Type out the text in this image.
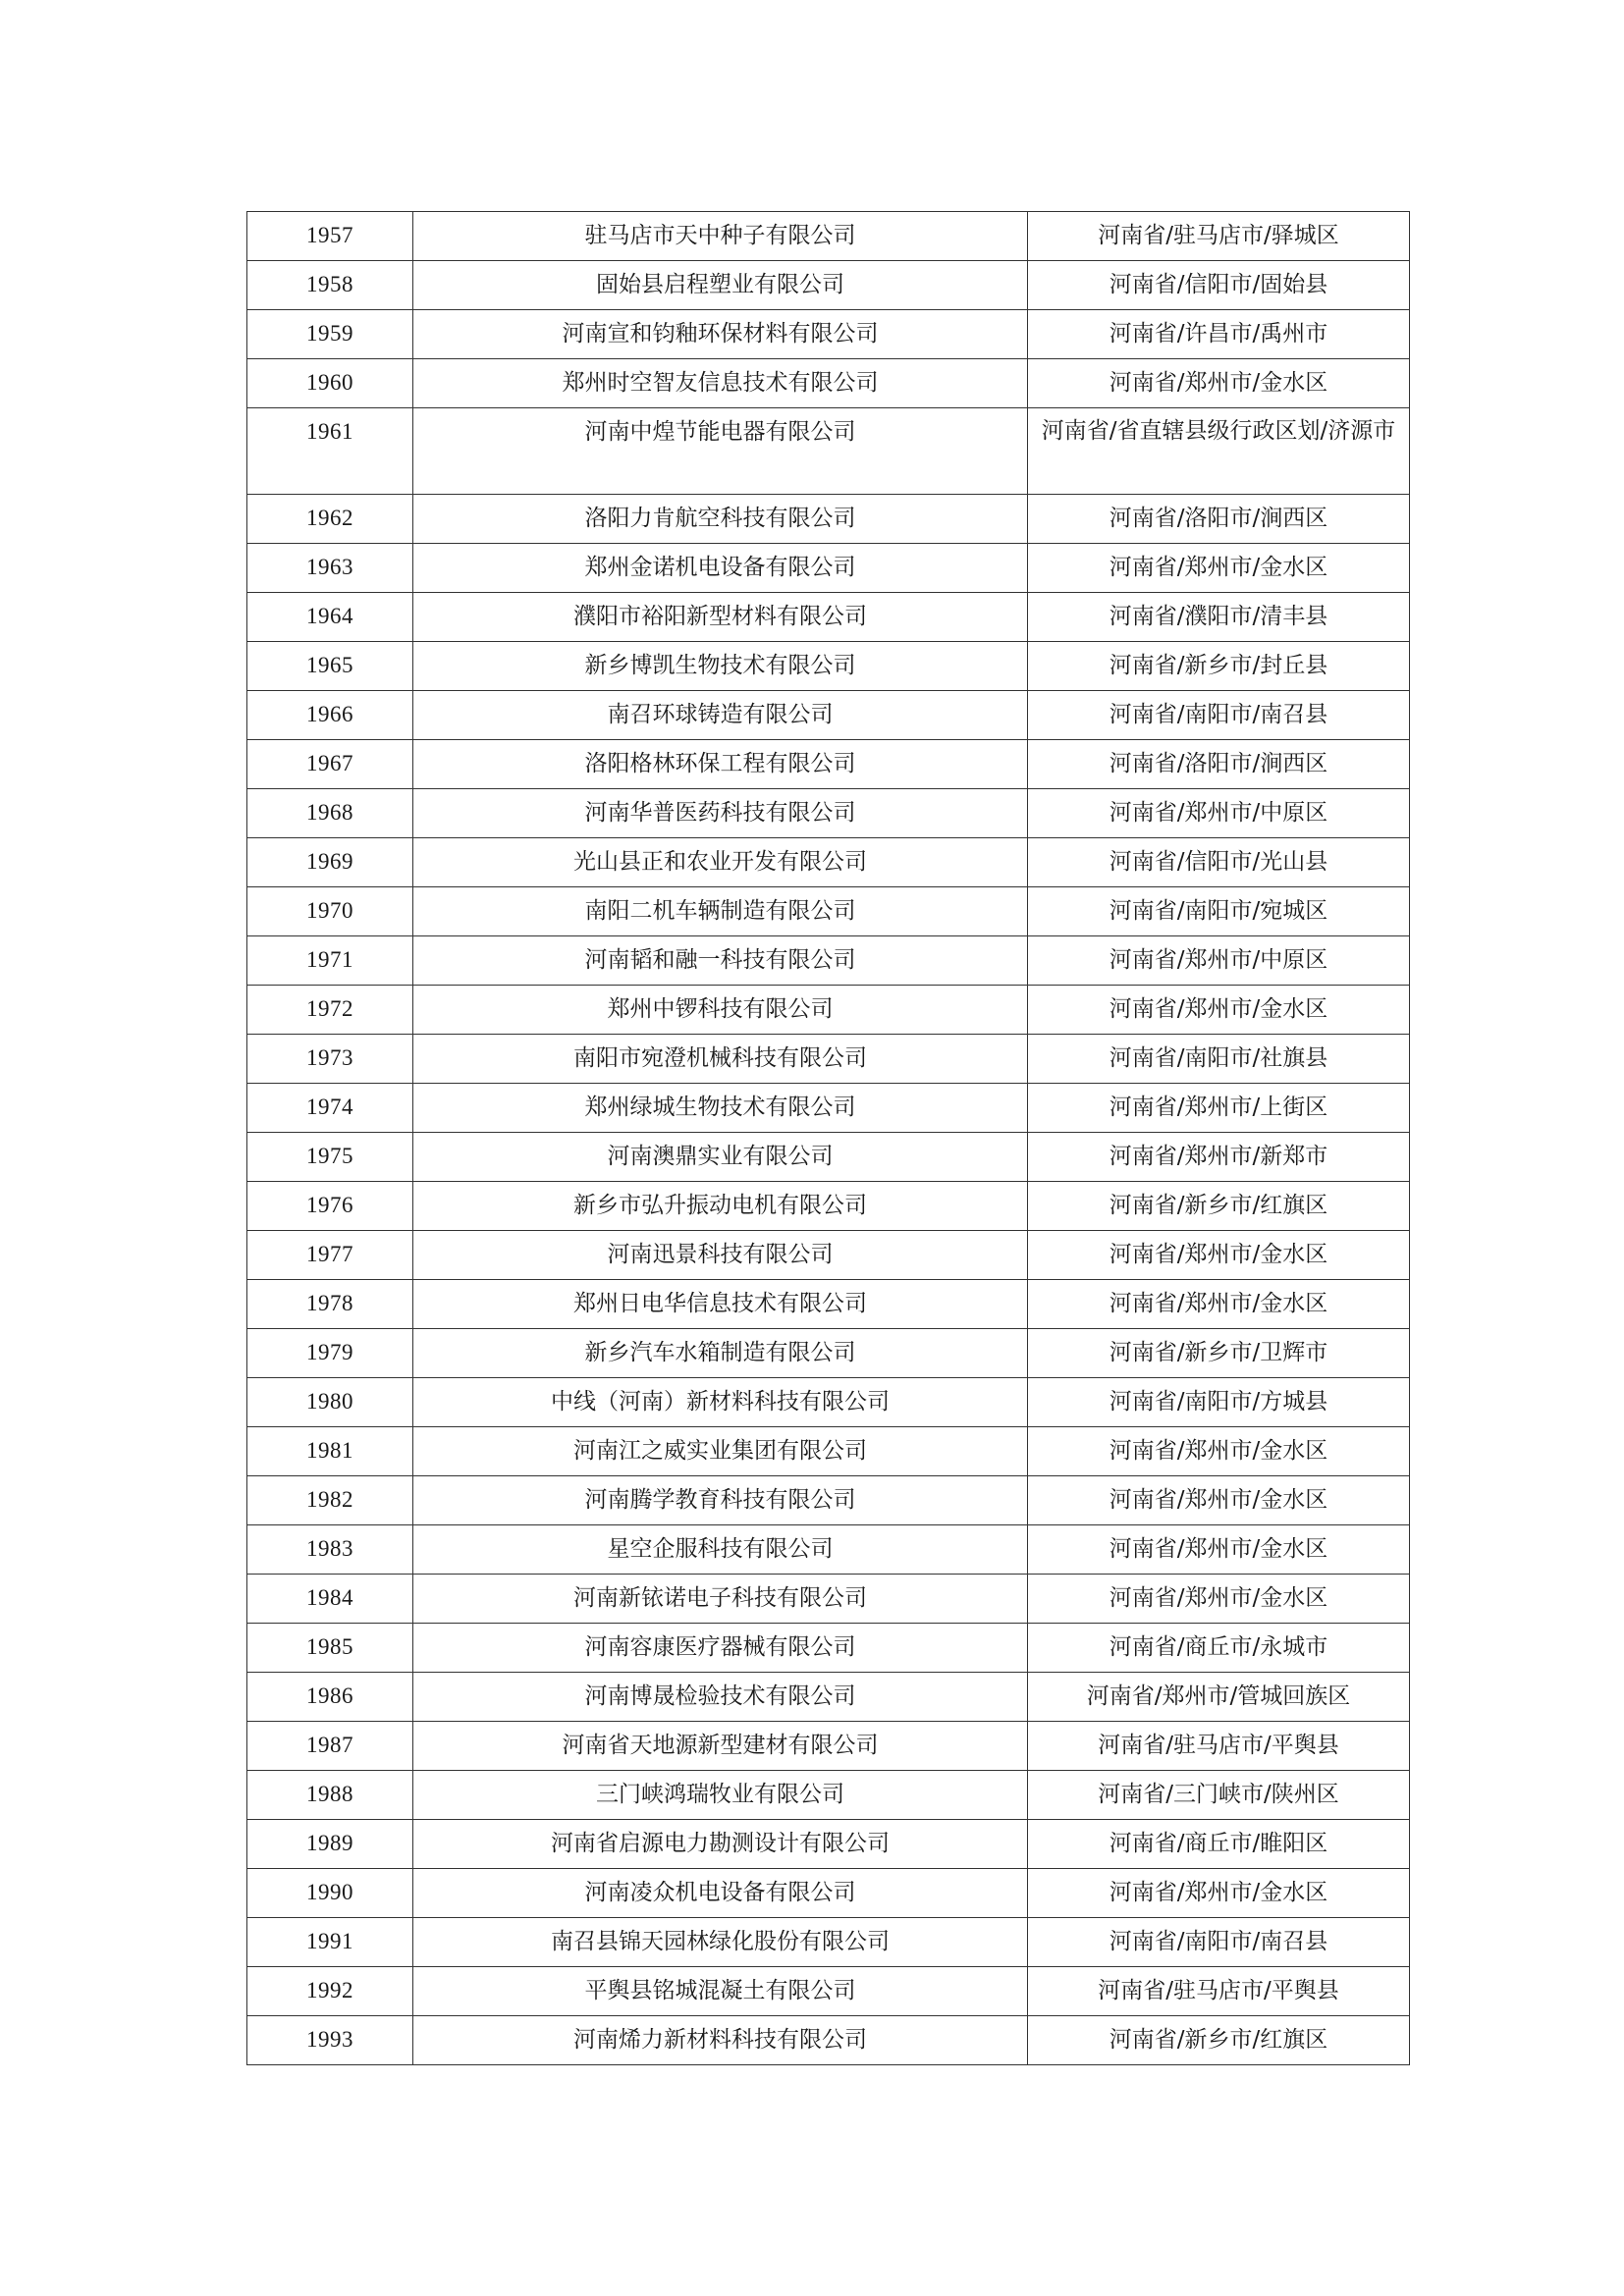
1957	驻马店市天中种子有限公司	河南省/驻马店市/驿城区
1958	固始县启程塑业有限公司	河南省/信阳市/固始县
1959	河南宣和钧釉环保材料有限公司	河南省/许昌市/禹州市
1960	郑州时空智友信息技术有限公司	河南省/郑州市/金水区
1961	河南中煌节能电器有限公司	河南省/省直辖县级行政区划/济源市
1962	洛阳力肯航空科技有限公司	河南省/洛阳市/涧西区
1963	郑州金诺机电设备有限公司	河南省/郑州市/金水区
1964	濮阳市裕阳新型材料有限公司	河南省/濮阳市/清丰县
1965	新乡博凯生物技术有限公司	河南省/新乡市/封丘县
1966	南召环球铸造有限公司	河南省/南阳市/南召县
1967	洛阳格林环保工程有限公司	河南省/洛阳市/涧西区
1968	河南华普医药科技有限公司	河南省/郑州市/中原区
1969	光山县正和农业开发有限公司	河南省/信阳市/光山县
1970	南阳二机车辆制造有限公司	河南省/南阳市/宛城区
1971	河南韬和融一科技有限公司	河南省/郑州市/中原区
1972	郑州中锣科技有限公司	河南省/郑州市/金水区
1973	南阳市宛澄机械科技有限公司	河南省/南阳市/社旗县
1974	郑州绿城生物技术有限公司	河南省/郑州市/上街区
1975	河南澳鼎实业有限公司	河南省/郑州市/新郑市
1976	新乡市弘升振动电机有限公司	河南省/新乡市/红旗区
1977	河南迅景科技有限公司	河南省/郑州市/金水区
1978	郑州日电华信息技术有限公司	河南省/郑州市/金水区
1979	新乡汽车水箱制造有限公司	河南省/新乡市/卫辉市
1980	中线（河南）新材料科技有限公司	河南省/南阳市/方城县
1981	河南江之威实业集团有限公司	河南省/郑州市/金水区
1982	河南腾学教育科技有限公司	河南省/郑州市/金水区
1983	星空企服科技有限公司	河南省/郑州市/金水区
1984	河南新铱诺电子科技有限公司	河南省/郑州市/金水区
1985	河南容康医疗器械有限公司	河南省/商丘市/永城市
1986	河南博晟检验技术有限公司	河南省/郑州市/管城回族区
1987	河南省天地源新型建材有限公司	河南省/驻马店市/平舆县
1988	三门峡鸿瑞牧业有限公司	河南省/三门峡市/陕州区
1989	河南省启源电力勘测设计有限公司	河南省/商丘市/睢阳区
1990	河南凌众机电设备有限公司	河南省/郑州市/金水区
1991	南召县锦天园林绿化股份有限公司	河南省/南阳市/南召县
1992	平舆县铭城混凝土有限公司	河南省/驻马店市/平舆县
1993	河南烯力新材料科技有限公司	河南省/新乡市/红旗区
